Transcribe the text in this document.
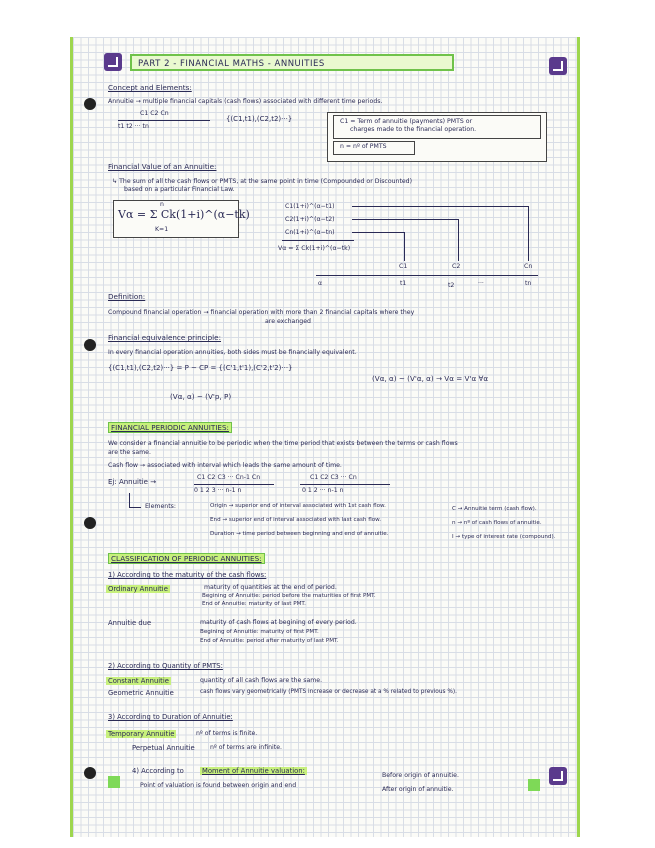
PART 2 - FINANCIAL MATHS - ANNUITIES
Concept and Elements:
Annuitie → multiple financial capitals (cash flows) associated with different time periods.
C1 C2 Cn
t1 t2 ··· tn
{(C1,t1),(C2,t2)···}	C1 = Term of annuitie (payments) PMTS or
charges made to the financial operation.
n = nº of PMTS
Financial Value of an Annuitie:
↳ The sum of all the cash flows or PMTS, at the same point in time (Compounded or Discounted)
based on a particular Financial Law.
Vα = Σ Ck(1+i)^(α−tk)
n
K=1
C1(1+i)^(α−t1)
C2(1+i)^(α−t2)
Cn(1+i)^(α−tn)
Vα = Σ Ck(1+i)^(α−tk)
C1	C2	Cn
α	t1	t2	···	tn
Definition:
Compound financial operation → financial operation with more than 2 financial capitals where they
are exchanged
Financial equivalence principle:
In every financial operation annuities, both sides must be financially equivalent.
{(C1,t1),(C2,t2)···} = P ~ CP = {(C'1,t'1),(C'2,t'2)···}
(Vα, α) ~ (V'α, α) → Vα = V'α ∀α
(Vα, α) ~ (V'p, P)
FINANCIAL PERIODIC ANNUITIES:
We consider a financial annuitie to be periodic when the time period that exists between the terms or cash flows
are the same.
Cash flow → associated with interval which leads the same amount of time.
Ej: Annuitie →
C1 C2 C3 ··· Cn-1 Cn
0 1 2 3 ··· n-1 n
C1 C2 C3 ··· Cn
0 1 2 ··· n-1 n
Elements:	Origin → superior end of interval associated with 1st cash flow.
End → superior end of interval associated with last cash flow.
Duration → time period between beginning and end of annuitie.
C → Annuitie term (cash flow).
n → nº of cash flows of annuitie.
I → type of interest rate (compound).
CLASSIFICATION OF PERIODIC ANNUITIES:
1) According to the maturity of the cash flows:
Ordinary Annuitie	maturity of quantities at the end of period.
Begining of Annuitie: period before the maturities of first PMT.
End of Annuitie: maturity of last PMT.
Annuitie due	maturity of cash flows at begining of every period.
Begining of Annuitie: maturity of first PMT.
End of Annuitie: period after maturity of last PMT.
2) According to Quantity of PMTS:
Constant Annuitie	quantity of all cash flows are the same.
Geometric Annuitie	cash flows vary geometrically (PMTS increase or decrease at a % related to previous %).
3) According to Duration of Annuitie:
Temporary Annuitie	nº of terms is finite.
Perpetual Annuitie nº of terms are infinite.
4) According to	Moment of Annuitie valuation:
Point of valuation is found between origin and end
Before origin of annuitie.
After origin of annuitie.
